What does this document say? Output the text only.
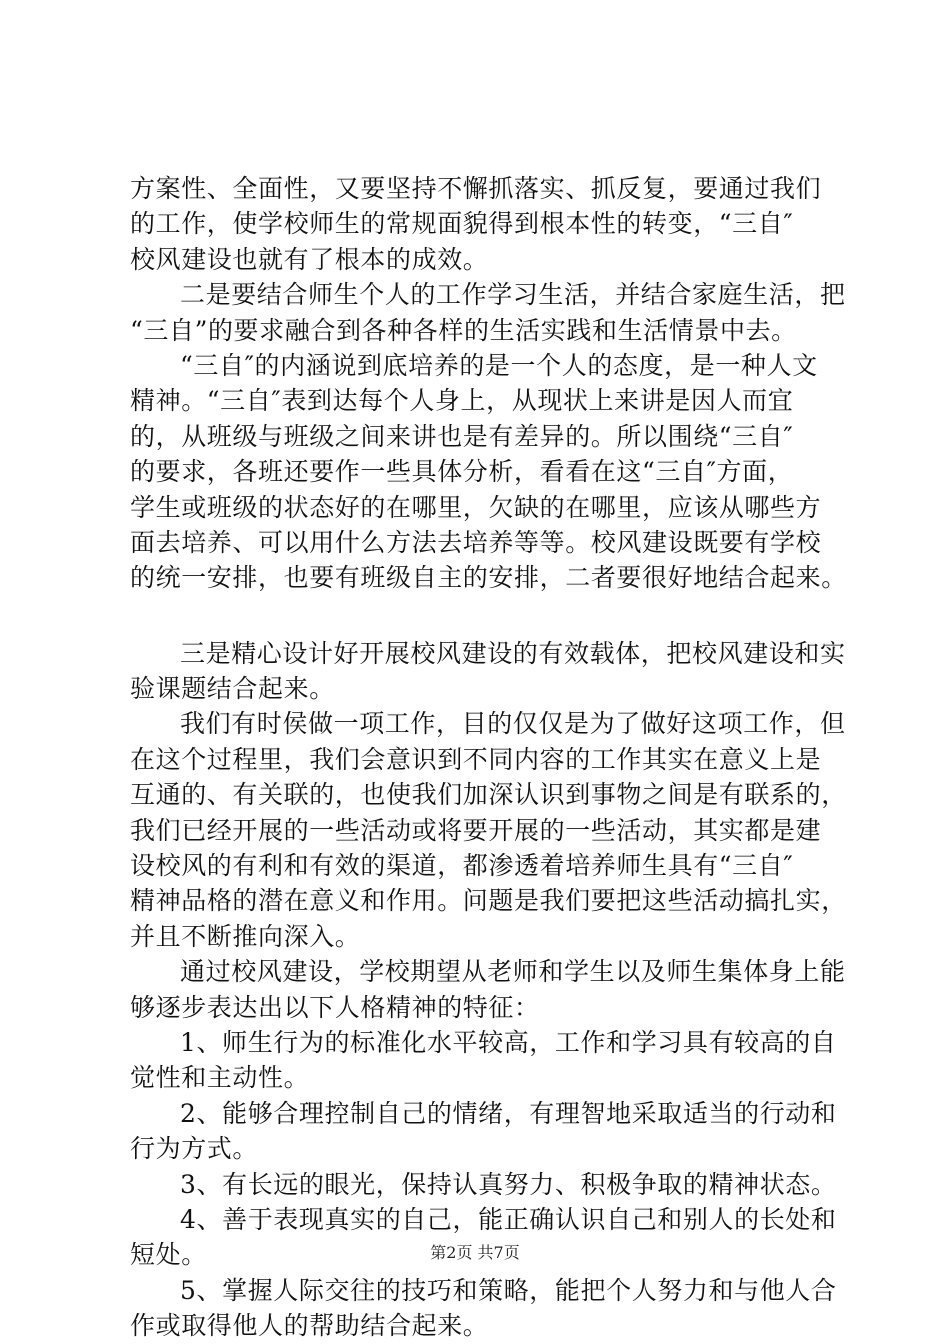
方案性、全面性，又要坚持不懈抓落实、抓反复，要通过我们
的工作，使学校师生的常规面貌得到根本性的转变，“三自″
校风建设也就有了根本的成效。
二是要结合师生个人的工作学习生活，并结合家庭生活，把
“三自”的要求融合到各种各样的生活实践和生活情景中去。
“三自″的内涵说到底培养的是一个人的态度，是一种人文
精神。“三自″表到达每个人身上，从现状上来讲是因人而宜
的，从班级与班级之间来讲也是有差异的。所以围绕“三自″
的要求，各班还要作一些具体分析，看看在这“三自″方面，
学生或班级的状态好的在哪里，欠缺的在哪里，应该从哪些方
面去培养、可以用什么方法去培养等等。校风建设既要有学校
的统一安排，也要有班级自主的安排，二者要很好地结合起来。
三是精心设计好开展校风建设的有效载体，把校风建设和实
验课题结合起来。
我们有时侯做一项工作，目的仅仅是为了做好这项工作，但
在这个过程里，我们会意识到不同内容的工作其实在意义上是
互通的、有关联的，也使我们加深认识到事物之间是有联系的，
我们已经开展的一些活动或将要开展的一些活动，其实都是建
设校风的有利和有效的渠道，都渗透着培养师生具有“三自″
精神品格的潜在意义和作用。问题是我们要把这些活动搞扎实，
并且不断推向深入。
通过校风建设，学校期望从老师和学生以及师生集体身上能
够逐步表达出以下人格精神的特征：
1、师生行为的标准化水平较高，工作和学习具有较高的自
觉性和主动性。
2、能够合理控制自己的情绪，有理智地采取适当的行动和
行为方式。
3、有长远的眼光，保持认真努力、积极争取的精神状态。
4、善于表现真实的自己，能正确认识自己和别人的长处和
短处。
5、掌握人际交往的技巧和策略，能把个人努力和与他人合
作或取得他人的帮助结合起来。
第2页 共7页
